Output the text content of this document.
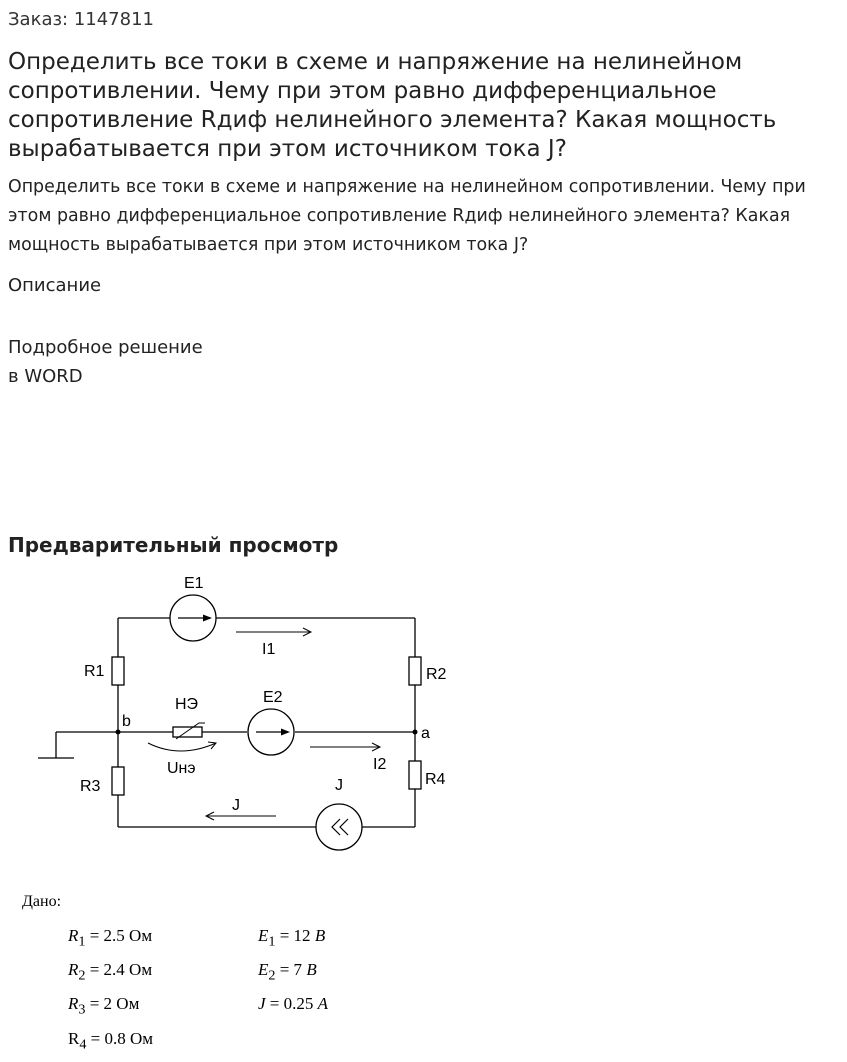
Заказ: 1147811
Определить все токи в схеме и напряжение на нелинейном сопротивлении. Чему при этом равно дифференциальное сопротивление Rдиф нелинейного элемента? Какая мощность вырабатывается при этом источником тока J?
Определить все токи в схеме и напряжение на нелинейном сопротивлении. Чему при этом равно дифференциальное сопротивление Rдиф нелинейного элемента? Какая мощность вырабатывается при этом источником тока J?
Описание
Подробное решение
в WORD
Предварительный просмотр
E1
I1
R1	R2
b
a
НЭ
Uнэ
E2
I2
R3	R4
J
J
Дано:
$R_1 = 2.5$ Ом
$R_2 = 2.4$ Ом
$R_3 = 2$ Ом
$R_4 = 0.8$ Ом
$E_1 = 12$ В
$E_2 = 7$ В
J = 0.25 A
